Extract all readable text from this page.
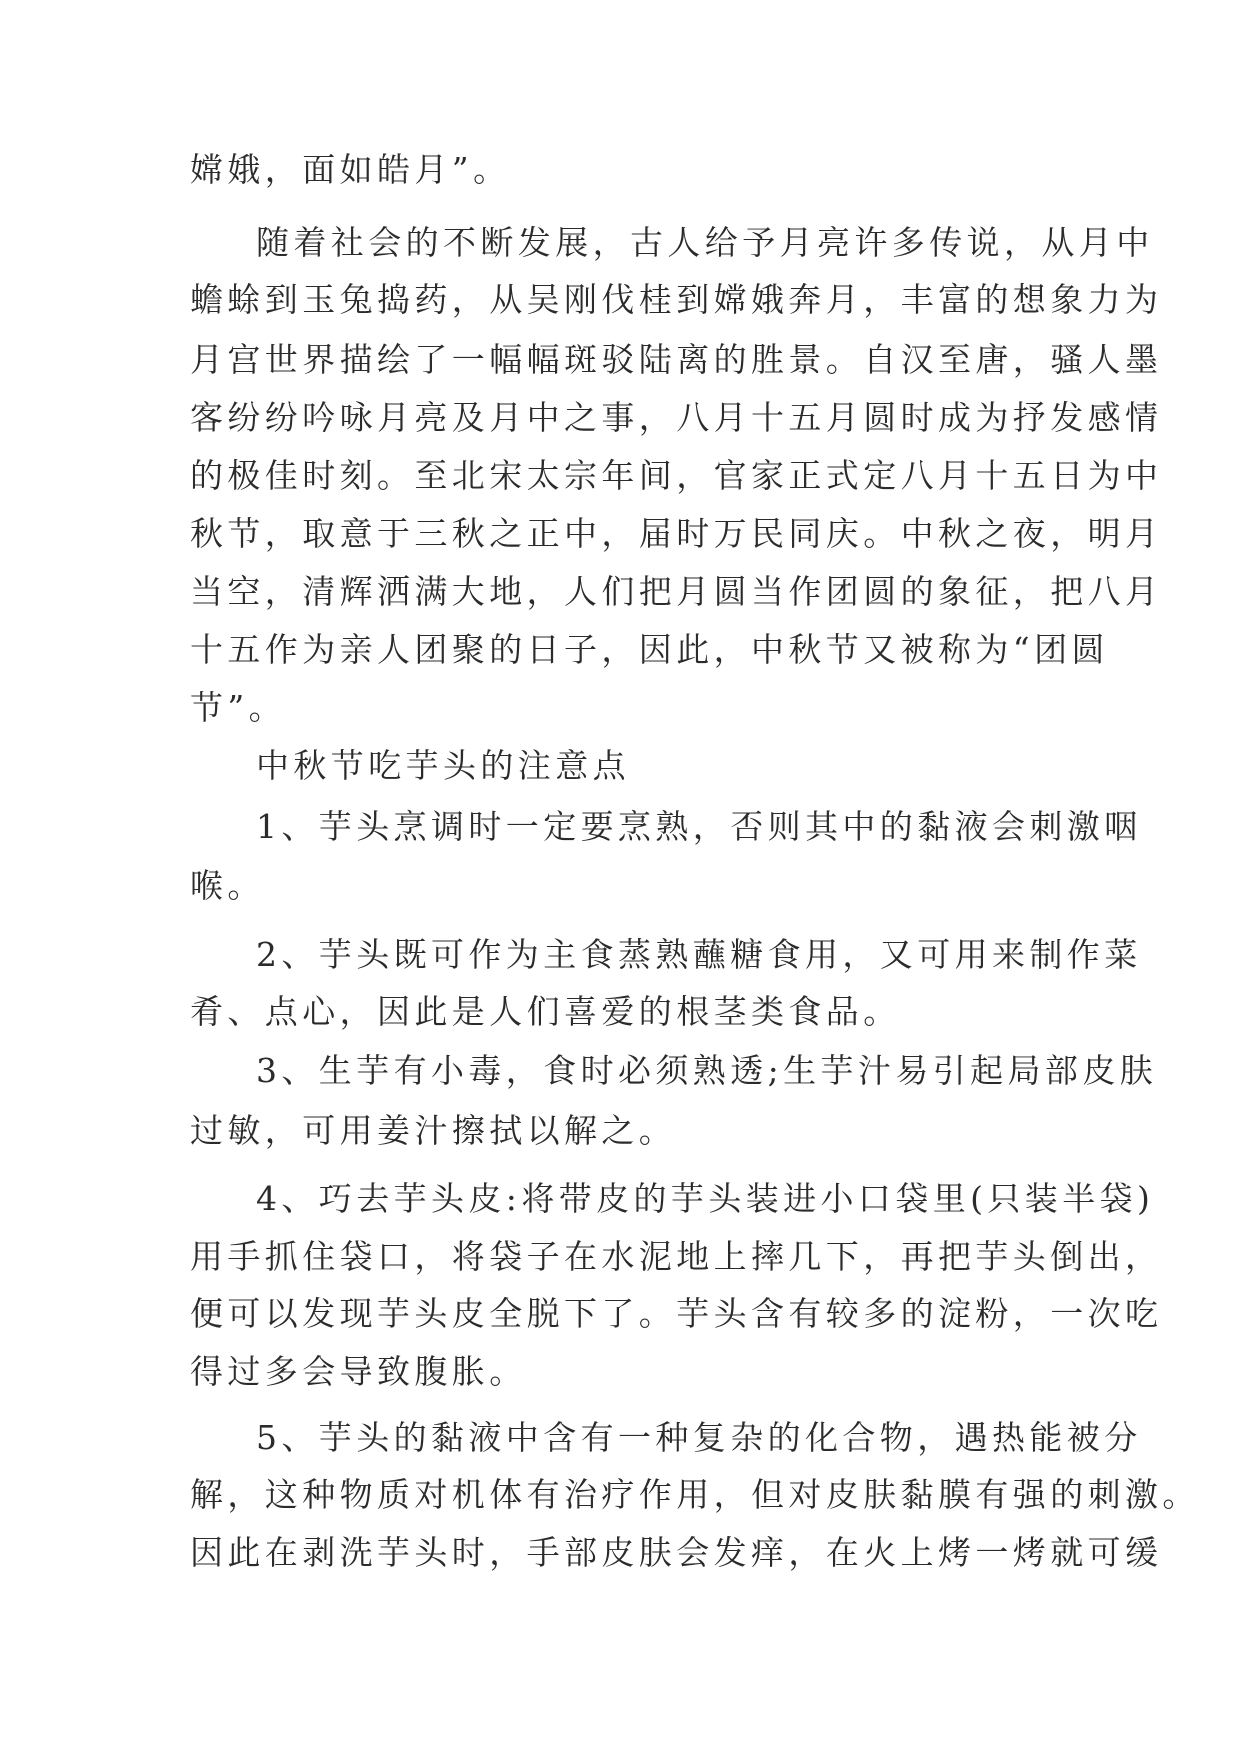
嫦娥，面如皓月”。
随着社会的不断发展，古人给予月亮许多传说，从月中
蟾蜍到玉兔捣药，从吴刚伐桂到嫦娥奔月，丰富的想象力为
月宫世界描绘了一幅幅斑驳陆离的胜景。自汉至唐，骚人墨
客纷纷吟咏月亮及月中之事，八月十五月圆时成为抒发感情
的极佳时刻。至北宋太宗年间，官家正式定八月十五日为中
秋节，取意于三秋之正中，届时万民同庆。中秋之夜，明月
当空，清辉洒满大地，人们把月圆当作团圆的象征，把八月
十五作为亲人团聚的日子，因此，中秋节又被称为“团圆
节”。
中秋节吃芋头的注意点
1、芋头烹调时一定要烹熟，否则其中的黏液会刺激咽
喉。
2、芋头既可作为主食蒸熟蘸糖食用，又可用来制作菜
肴、点心，因此是人们喜爱的根茎类食品。
3、生芋有小毒，食时必须熟透;生芋汁易引起局部皮肤
过敏，可用姜汁擦拭以解之。
4、巧去芋头皮:将带皮的芋头装进小口袋里(只装半袋)
用手抓住袋口，将袋子在水泥地上摔几下，再把芋头倒出，
便可以发现芋头皮全脱下了。芋头含有较多的淀粉，一次吃
得过多会导致腹胀。
5、芋头的黏液中含有一种复杂的化合物，遇热能被分
解，这种物质对机体有治疗作用，但对皮肤黏膜有强的刺激。
因此在剥洗芋头时，手部皮肤会发痒，在火上烤一烤就可缓
